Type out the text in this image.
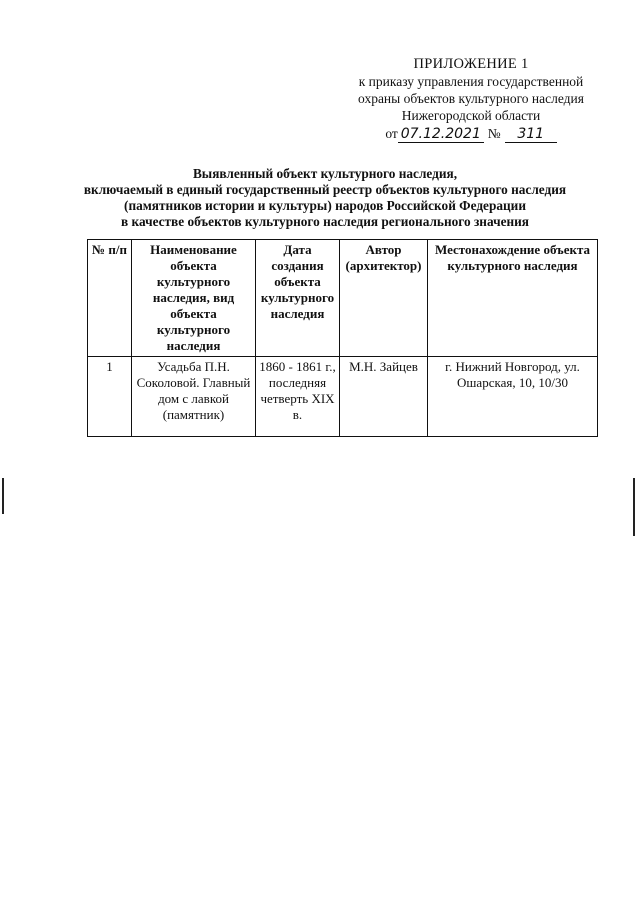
ПРИЛОЖЕНИЕ 1
к приказу управления государственной
охраны объектов культурного наследия
Нижегородской области
от 07.12.2021 №	311
Выявленный объект культурного наследия,
включаемый в единый государственный реестр объектов культурного наследия
(памятников истории и культуры) народов Российской Федерации
в качестве объектов культурного наследия регионального значения
№ п/п	Наименование объекта культурного наследия, вид объекта культурного наследия	Дата создания объекта культурного наследия	Автор (архитектор)	Местонахождение объекта культурного наследия
1	Усадьба П.Н. Соколовой. Главный дом с лавкой (памятник)	1860 - 1861 г., последняя четверть XIX в.	М.Н. Зайцев	г. Нижний Новгород, ул. Ошарская, 10, 10/30
